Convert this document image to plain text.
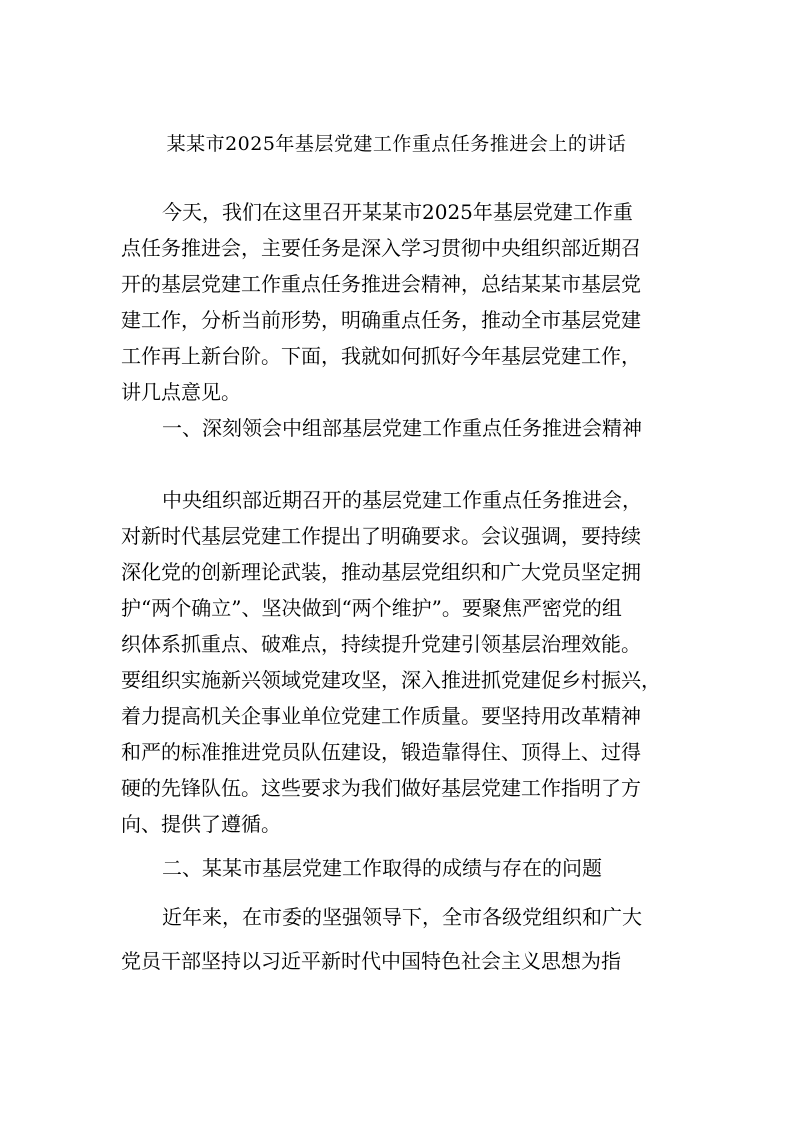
某某市2025年基层党建工作重点任务推进会上的讲话
今天，我们在这里召开某某市2025年基层党建工作重
点任务推进会，主要任务是深入学习贯彻中央组织部近期召
开的基层党建工作重点任务推进会精神，总结某某市基层党
建工作，分析当前形势，明确重点任务，推动全市基层党建
工作再上新台阶。下面，我就如何抓好今年基层党建工作，
讲几点意见。
一、深刻领会中组部基层党建工作重点任务推进会精神
中央组织部近期召开的基层党建工作重点任务推进会，
对新时代基层党建工作提出了明确要求。会议强调，要持续
深化党的创新理论武装，推动基层党组织和广大党员坚定拥
护“两个确立”、坚决做到“两个维护”。要聚焦严密党的组
织体系抓重点、破难点，持续提升党建引领基层治理效能。
要组织实施新兴领域党建攻坚，深入推进抓党建促乡村振兴，
着力提高机关企事业单位党建工作质量。要坚持用改革精神
和严的标准推进党员队伍建设，锻造靠得住、顶得上、过得
硬的先锋队伍。这些要求为我们做好基层党建工作指明了方
向、提供了遵循。
二、某某市基层党建工作取得的成绩与存在的问题
近年来，在市委的坚强领导下，全市各级党组织和广大
党员干部坚持以习近平新时代中国特色社会主义思想为指
